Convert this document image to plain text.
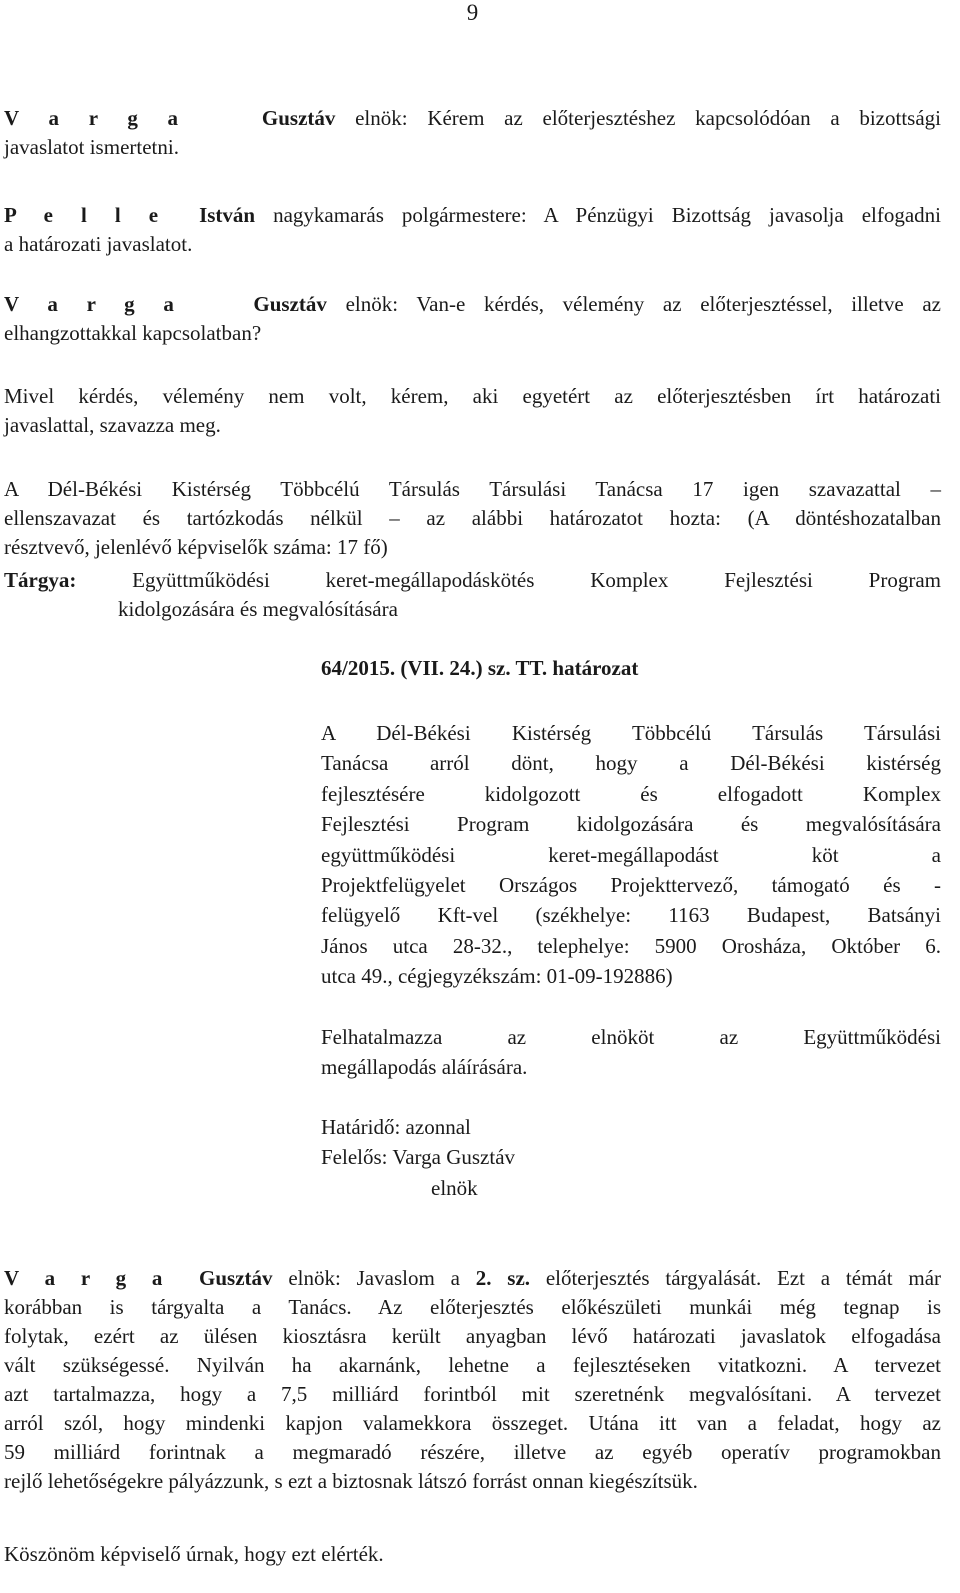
9
V a r g a	Gusztáv elnök: Kérem az előterjesztéshez kapcsolódóan a bizottsági
javaslatot ismertetni.
P e l l e István nagykamarás polgármestere: A Pénzügyi Bizottság javasolja elfogadni
a határozati javaslatot.
V a r g a	Gusztáv elnök: Van-e kérdés, vélemény az előterjesztéssel, illetve az
elhangzottakkal kapcsolatban?
Mivel kérdés, vélemény nem volt, kérem, aki egyetért az előterjesztésben írt határozati
javaslattal, szavazza meg.
A Dél-Békési Kistérség Többcélú Társulás Társulási Tanácsa 17 igen szavazattal –
ellenszavazat és tartózkodás nélkül – az alábbi határozatot hozta: (A döntéshozatalban
résztvevő, jelenlévő képviselők száma: 17 fő)
Tárgya: Együttműködési keret-megállapodáskötés Komplex Fejlesztési Program
kidolgozására és megvalósítására
64/2015. (VII. 24.) sz. TT. határozat
A Dél-Békési Kistérség Többcélú Társulás Társulási
Tanácsa arról dönt, hogy a Dél-Békési kistérség
fejlesztésére kidolgozott és elfogadott Komplex
Fejlesztési Program kidolgozására és megvalósítására
együttműködési keret-megállapodást köt a
Projektfelügyelet Országos Projekttervező, támogató és -
felügyelő Kft-vel (székhelye: 1163 Budapest, Batsányi
János utca 28-32., telephelye: 5900 Orosháza, Október 6.
utca 49., cégjegyzékszám: 01-09-192886)
Felhatalmazza az elnököt az Együttműködési
megállapodás aláírására.
Határidő: azonnal
Felelős: Varga Gusztáv
elnök
V a r g a Gusztáv elnök: Javaslom a 2. sz. előterjesztés tárgyalását. Ezt a témát már
korábban is tárgyalta a Tanács. Az előterjesztés előkészületi munkái még tegnap is
folytak, ezért az ülésen kiosztásra került anyagban lévő határozati javaslatok elfogadása
vált szükségessé. Nyilván ha akarnánk, lehetne a fejlesztéseken vitatkozni. A tervezet
azt tartalmazza, hogy a 7,5 milliárd forintból mit szeretnénk megvalósítani. A tervezet
arról szól, hogy mindenki kapjon valamekkora összeget. Utána itt van a feladat, hogy az
59 milliárd forintnak a megmaradó részére, illetve az egyéb operatív programokban
rejlő lehetőségekre pályázzunk, s ezt a biztosnak látszó forrást onnan kiegészítsük.
Köszönöm képviselő úrnak, hogy ezt elérték.
